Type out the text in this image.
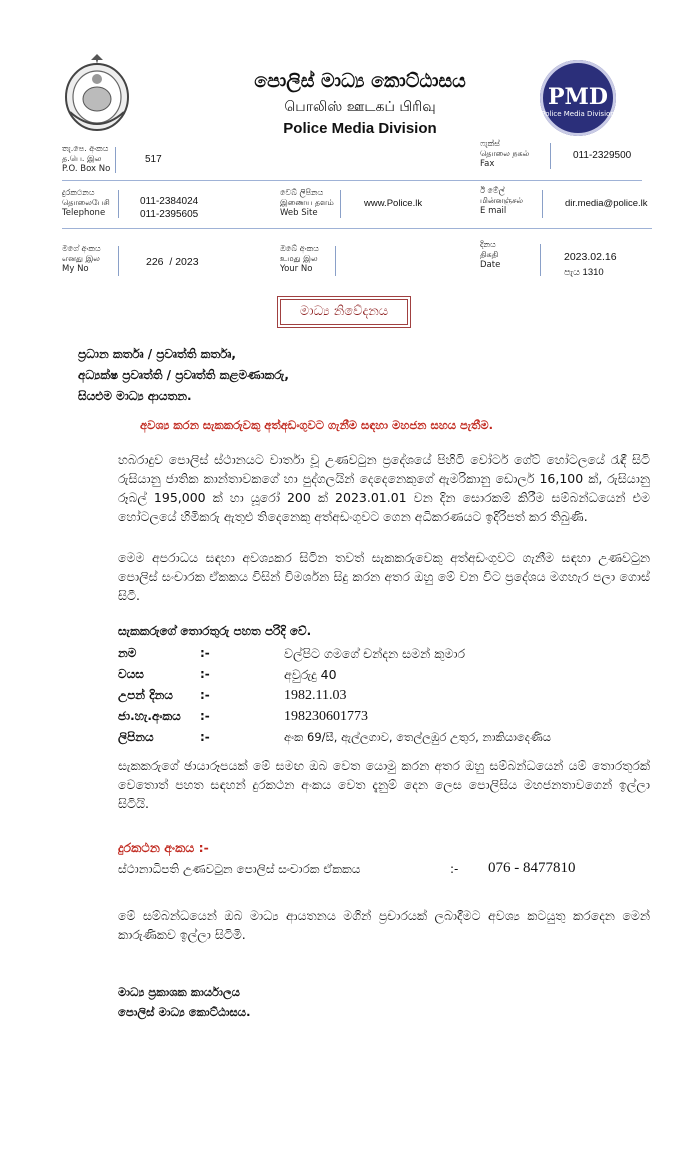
පොලිස් මාධ්‍ය කොට්ඨාසය
பொலிஸ் ஊடகப் பிரிவு
Police Media Division
PMD
Police Media Division
තැ.පෙ. අංකය
த.பெ. இல
P.O. Box No
517
ෆැක්ස්
தொலை நகல்
Fax
011-2329500
දුරකථනය
தொலைபேசி
Telephone
011-2384024
011-2395605
වෙබ් ලිපිනය
இணைய தளம்
Web Site
www.Police.lk
ඊ මේල්
மின்னஞ்சல்
E mail
dir.media@police.lk
මගේ අංකය
எனது இல
My No
226  / 2023
ඔබේ අංකය
உமது இல
Your No
දිනය
திகதி
Date
2023.02.16
පැය 1310
මාධ්‍ය නිවේදනය
ප්‍රධාන කර්තෘ / ප්‍රවෘත්ති කර්තෘ,
අධ්‍යක්ෂ ප්‍රවෘත්ති / ප්‍රවෘත්ති කළමණාකරු,
සියළුම මාධ්‍ය ආයතන.
අවශ්‍ය කරන සැකකරුවකු අත්අඩංගුවට ගැනීම සඳහා මහජන සහය පැතීම.
හබරාදුව පොලිස් ස්ථානයට වාර්තා වූ උණවටුන ප්‍රදේශයේ පිහිටි වෝටර් ගේට් හෝටලයේ රැඳී සිටි රුසියානු ජාතික කාන්තාවකගේ හා පුද්ගලයින් දෙදෙනෙකුගේ ඇමරිකානු ඩොලර් 16,100 ක්, රුසියානු රූබල් 195,000 ක් හා යූරෝ 200 ක් 2023.01.01 වන දින සොරකම් කිරීම සම්බන්ධයෙන් එම හෝටලයේ හිමිකරු ඇතුළු තිදෙනෙකු අත්අඩංගුවට ගෙන අධිකරණයට ඉදිරිපත් කර තිබුණි.
මෙම අපරාධය සඳහා අවශ්‍යකර සිටින තවත් සැකකරුවෙකු අත්අඩංගුවට ගැනීම සඳහා උණවටුන පොලිස් සංචාරක ඒකකය විසින් විමර්ශන සිදු කරන අතර ඔහු මේ වන විට ප්‍රදේශය මගහැර පලා ගොස් සිටී.
සැකකරුගේ තොරතුරු පහත පරිදි වේ.
නම	:-	වල්පිට ගමගේ චන්දන සමන් කුමාර
වයස	:-	අවුරුදු 40
උපන් දිනය :-	1982.11.03
ජා.හැ.අංකය :-	198230601773
ලිපිනය	:-	අංක 69/සී, ඇල්ලගාව, තෙල්ලඹුර උතුර, නාකියාදෙණිය
සැකකරුගේ ඡායාරූපයක් මේ සමඟ ඔබ වෙත යොමු කරන අතර ඔහු සම්බන්ධයෙන් යම් තොරතුරක් වෙතොත් පහත සඳහන් දුරකථන අංකය වෙත දැනුම් දෙන ලෙස පොලිසිය මහජනතාවගෙන් ඉල්ලා සිටියි.
දුරකථන අංකය :-
ස්ථානාධිපති උණවටුන පොලිස් සංචාරක ඒකකය	:- 076 - 8477810
මේ සම්බන්ධයෙන් ඔබ මාධ්‍ය ආයතනය මගින් ප්‍රචාරයක් ලබාදීමට අවශ්‍ය කටයුතු කරදෙන මෙන් කාරුණිකව ඉල්ලා සිටිමි.
මාධ්‍ය ප්‍රකාශක කාර්යාලය
පොලිස් මාධ්‍ය කොට්ඨාසය.
